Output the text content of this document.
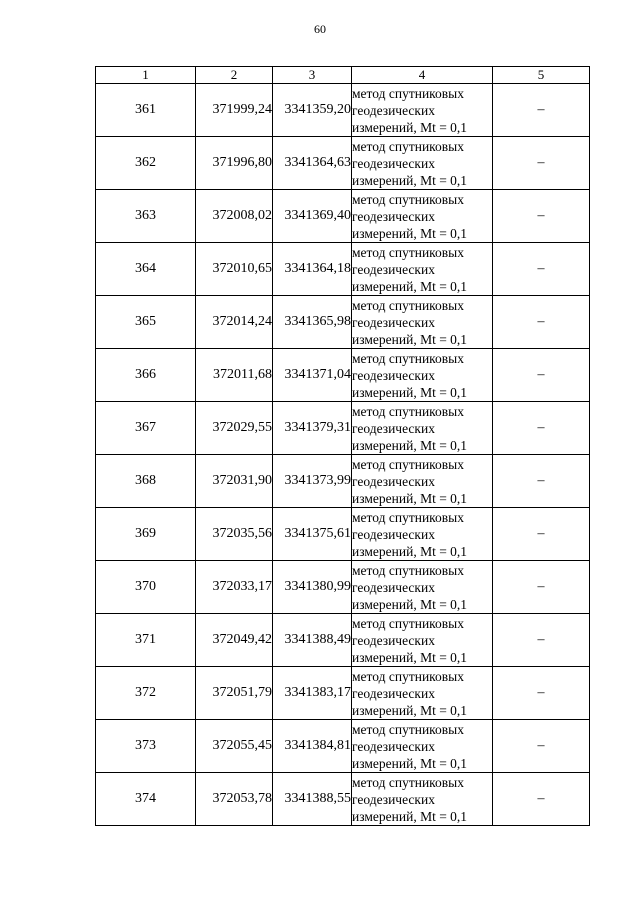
60
1	2	3	4	5
361	371999,24	3341359,20	метод спутниковых
геодезических
измерений, Mt = 0,1	–
362	371996,80	3341364,63	метод спутниковых
геодезических
измерений, Mt = 0,1	–
363	372008,02	3341369,40	метод спутниковых
геодезических
измерений, Mt = 0,1	–
364	372010,65	3341364,18	метод спутниковых
геодезических
измерений, Mt = 0,1	–
365	372014,24	3341365,98	метод спутниковых
геодезических
измерений, Mt = 0,1	–
366	372011,68	3341371,04	метод спутниковых
геодезических
измерений, Mt = 0,1	–
367	372029,55	3341379,31	метод спутниковых
геодезических
измерений, Mt = 0,1	–
368	372031,90	3341373,99	метод спутниковых
геодезических
измерений, Mt = 0,1	–
369	372035,56	3341375,61	метод спутниковых
геодезических
измерений, Mt = 0,1	–
370	372033,17	3341380,99	метод спутниковых
геодезических
измерений, Mt = 0,1	–
371	372049,42	3341388,49	метод спутниковых
геодезических
измерений, Mt = 0,1	–
372	372051,79	3341383,17	метод спутниковых
геодезических
измерений, Mt = 0,1	–
373	372055,45	3341384,81	метод спутниковых
геодезических
измерений, Mt = 0,1	–
374	372053,78	3341388,55	метод спутниковых
геодезических
измерений, Mt = 0,1	–
